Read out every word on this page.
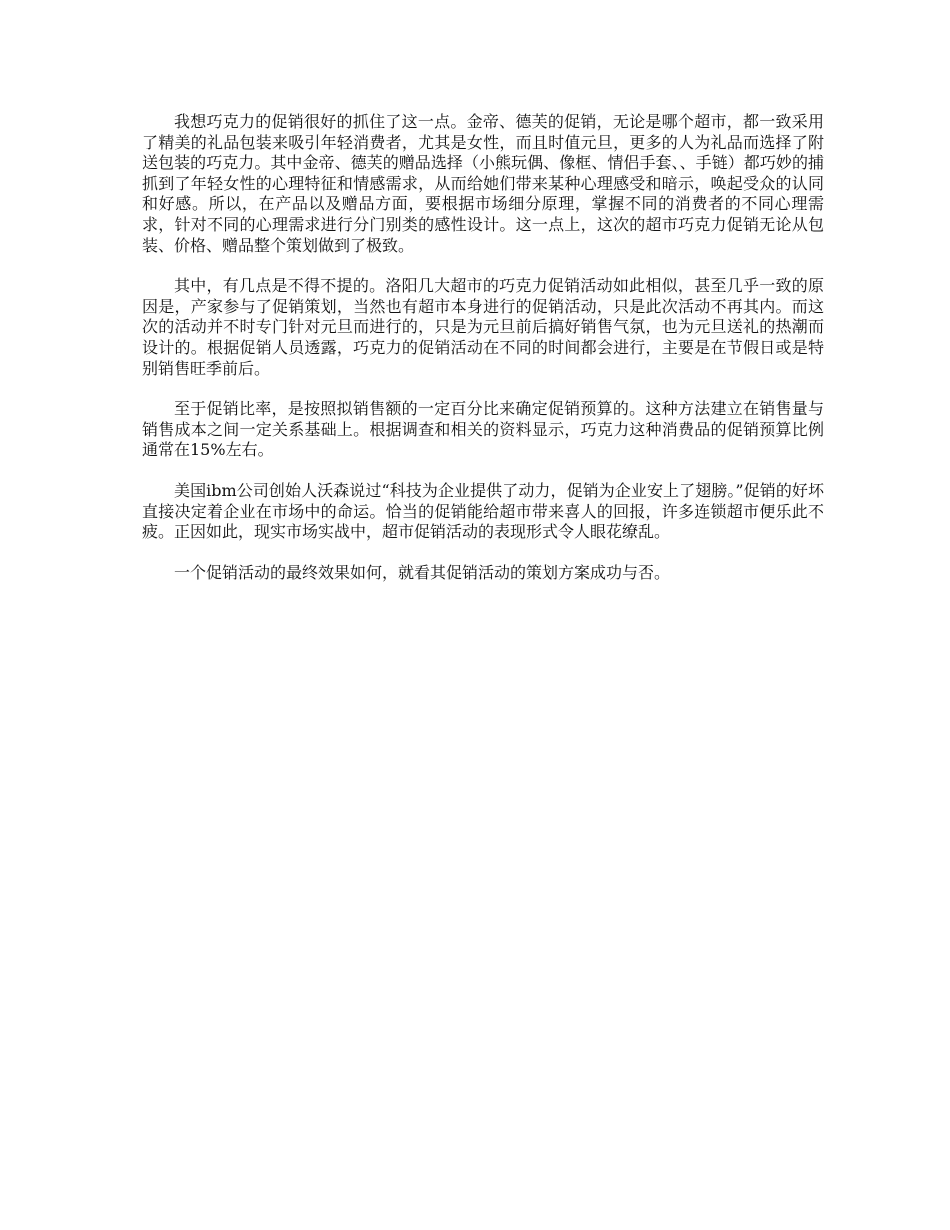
我想巧克力的促销很好的抓住了这一点。金帝、德芙的促销，无论是哪个超市，都一致采用了精美的礼品包装来吸引年轻消费者，尤其是女性，而且时值元旦，更多的人为礼品而选择了附送包装的巧克力。其中金帝、德芙的赠品选择（小熊玩偶、像框、情侣手套、、手链）都巧妙的捕抓到了年轻女性的心理特征和情感需求，从而给她们带来某种心理感受和暗示，唤起受众的认同和好感。所以，在产品以及赠品方面，要根据市场细分原理，掌握不同的消费者的不同心理需求，针对不同的心理需求进行分门别类的感性设计。这一点上，这次的超市巧克力促销无论从包装、价格、赠品整个策划做到了极致。

其中，有几点是不得不提的。洛阳几大超市的巧克力促销活动如此相似，甚至几乎一致的原因是，产家参与了促销策划，当然也有超市本身进行的促销活动，只是此次活动不再其内。而这次的活动并不时专门针对元旦而进行的，只是为元旦前后搞好销售气氛，也为元旦送礼的热潮而设计的。根据促销人员透露，巧克力的促销活动在不同的时间都会进行，主要是在节假日或是特别销售旺季前后。

至于促销比率，是按照拟销售额的一定百分比来确定促销预算的。这种方法建立在销售量与销售成本之间一定关系基础上。根据调查和相关的资料显示，巧克力这种消费品的促销预算比例通常在15%左右。

美国ibm公司创始人沃森说过“科技为企业提供了动力，促销为企业安上了翅膀。”促销的好坏直接决定着企业在市场中的命运。恰当的促销能给超市带来喜人的回报，许多连锁超市便乐此不疲。正因如此，现实市场实战中，超市促销活动的表现形式令人眼花缭乱。

一个促销活动的最终效果如何，就看其促销活动的策划方案成功与否。
